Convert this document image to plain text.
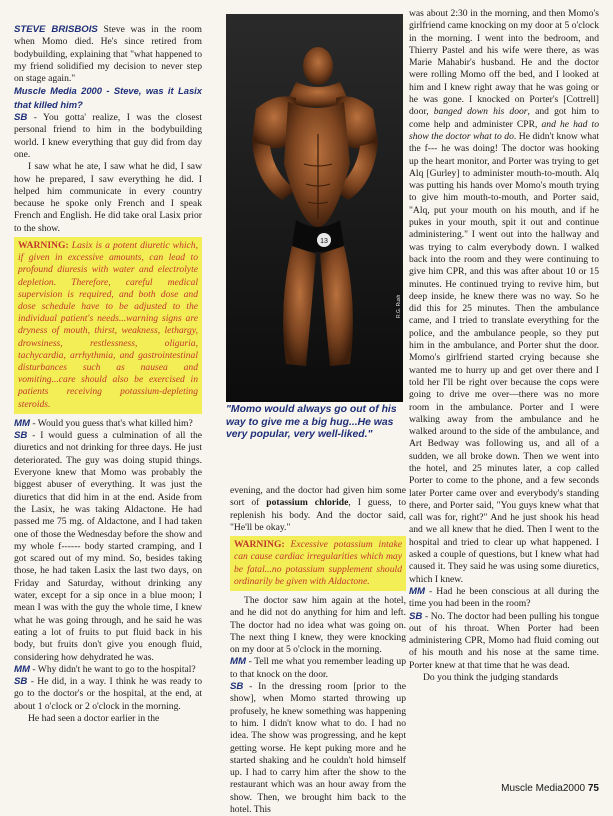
STEVE BRISBOIS Steve was in the room when Momo died. He's since retired from bodybuilding, explaining that "what happened to my friend solidified my decision to never step on stage again."

Muscle Media 2000 - Steve, was it Lasix that killed him?

SB - You gotta' realize, I was the closest personal friend to him in the bodybuilding world. I knew everything that guy did from day one.

I saw what he ate, I saw what he did, I saw how he prepared, I saw everything he did. I helped him communicate in every country because he spoke only French and I speak French and English. He did take oral Lasix prior to the show.

WARNING: Lasix is a potent diuretic which, if given in excessive amounts, can lead to profound diuresis with water and electrolyte depletion. Therefore, careful medical supervision is required, and both dose and dose schedule have to be adjusted to the individual patient's needs...warning signs are dryness of mouth, thirst, weakness, lethargy, drowsiness, restlessness, oliguria, tachycardia, arrhythmia, and gastrointestinal disturbances such as nausea and vomiting...care should also be exercised in patients receiving potassium-depleting steroids.

MM - Would you guess that's what killed him?

SB - I would guess a culmination of all the diuretics and not drinking for three days. He just deteriorated. The guy was doing stupid things. Everyone knew that Momo was probably the biggest abuser of everything. It was just the diuretics that did him in at the end. Aside from the Lasix, he was taking Aldactone. He had passed me 75 mg. of Aldactone, and I had taken one of those the Wednesday before the show and my whole f------ body started cramping, and I got scared out of my mind. So, besides taking those, he had taken Lasix the last two days, on Friday and Saturday, without drinking any water, except for a sip once in a blue moon; I mean I was with the guy the whole time, I knew what he was going through, and he said he was eating a lot of fruits to put fluid back in his body, but fruits don't give you enough fluid, considering how dehydrated he was.

MM - Why didn't he want to go to the hospital?

SB - He did, in a way. I think he was ready to go to the doctor's or the hospital, at the end, at about 1 o'clock or 2 o'clock in the morning.

He had seen a doctor earlier in the

13
R.G. Rush
"Momo would always go out of his way to give me a big hug...He was very popular, very well-liked."

evening, and the doctor had given him some sort of potassium chloride, I guess, to replenish his body. And the doctor said, "He'll be okay."

WARNING: Excessive potassium intake can cause cardiac irregularities which may be fatal...no potassium supplement should ordinarily be given with Aldactone.

The doctor saw him again at the hotel, and he did not do anything for him and left. The doctor had no idea what was going on. The next thing I knew, they were knocking on my door at 5 o'clock in the morning.

MM - Tell me what you remember leading up to that knock on the door.

SB - In the dressing room [prior to the show], when Momo started throwing up profusely, he knew something was happening to him. I didn't know what to do. I had no idea. The show was progressing, and he kept getting worse. He kept puking more and he started shaking and he couldn't hold himself up. I had to carry him after the show to the restaurant which was an hour away from the show. Then, we brought him back to the hotel. This

was about 2:30 in the morning, and then Momo's girlfriend came knocking on my door at 5 o'clock in the morning. I went into the bedroom, and Thierry Pastel and his wife were there, as was Marie Mahabir's husband. He and the doctor were rolling Momo off the bed, and I looked at him and I knew right away that he was going or he was gone. I knocked on Porter's [Cottrell] door, banged down his door, and got him to come help and administer CPR, and he had to show the doctor what to do. He didn't know what the f--- he was doing! The doctor was hooking up the heart monitor, and Porter was trying to get Alq [Gurley] to administer mouth-to-mouth. Alq was putting his hands over Momo's mouth trying to give him mouth-to-mouth, and Porter said, "Alq, put your mouth on his mouth, and if he pukes in your mouth, spit it out and continue administering." I went out into the hallway and was trying to calm everybody down. I walked back into the room and they were continuing to give him CPR, and this was after about 10 or 15 minutes. He continued trying to revive him, but deep inside, he knew there was no way. So he did this for 25 minutes. Then the ambulance came, and I tried to translate everything for the police, and the ambulance people, so they put him in the ambulance, and Porter shut the door. Momo's girlfriend started crying because she wanted me to hurry up and get over there and I told her I'll be right over because the cops were going to drive me over—there was no more room in the ambulance. Porter and I were walking away from the ambulance and he walked around to the side of the ambulance, and Art Bedway was following us, and all of a sudden, we all broke down. Then we went into the hotel, and 25 minutes later, a cop called Porter to come to the phone, and a few seconds later Porter came over and everybody's standing there, and Porter said, "You guys knew what that call was for, right?" And he just shook his head and we all knew that he died. Then I went to the hospital and tried to clear up what happened. I asked a couple of questions, but I knew what had caused it. They said he was using some diuretics, which I knew.

MM - Had he been conscious at all during the time you had been in the room?

SB - No. The doctor had been pulling his tongue out of his throat. When Porter had been administering CPR, Momo had fluid coming out of his mouth and his nose at the same time. Porter knew at that time that he was dead.

Do you think the judging standards

Muscle Media2000 75
